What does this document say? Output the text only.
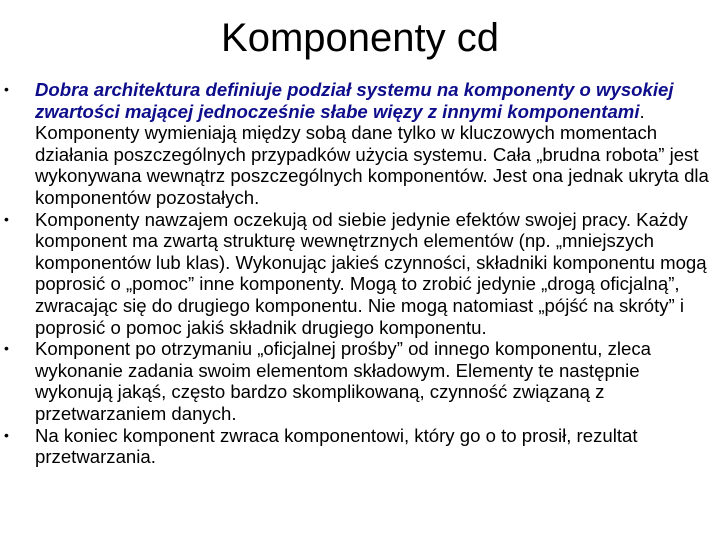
Komponenty cd
• Dobra architektura definiuje podział systemu na komponenty o wysokiej zwartości mającej jednocześnie słabe więzy z innymi komponentami. Komponenty wymieniają między sobą dane tylko w kluczowych momentach działania poszczególnych przypadków użycia systemu. Cała „brudna robota” jest wykonywana wewnątrz poszczególnych komponentów. Jest ona jednak ukryta dla komponentów pozostałych.
• Komponenty nawzajem oczekują od siebie jedynie efektów swojej pracy. Każdy komponent ma zwartą strukturę wewnętrznych elementów (np. „mniejszych komponentów lub klas). Wykonując jakieś czynności, składniki komponentu mogą poprosić o „pomoc” inne komponenty. Mogą to zrobić jedynie „drogą oficjalną”, zwracając się do drugiego komponentu. Nie mogą natomiast „pójść na skróty” i poprosić o pomoc jakiś składnik drugiego komponentu.
• Komponent po otrzymaniu „oficjalnej prośby” od innego komponentu, zleca wykonanie zadania swoim elementom składowym. Elementy te następnie wykonują jakąś, często bardzo skomplikowaną, czynność związaną z przetwarzaniem danych.
• Na koniec komponent zwraca komponentowi, który go o to prosił, rezultat przetwarzania.
